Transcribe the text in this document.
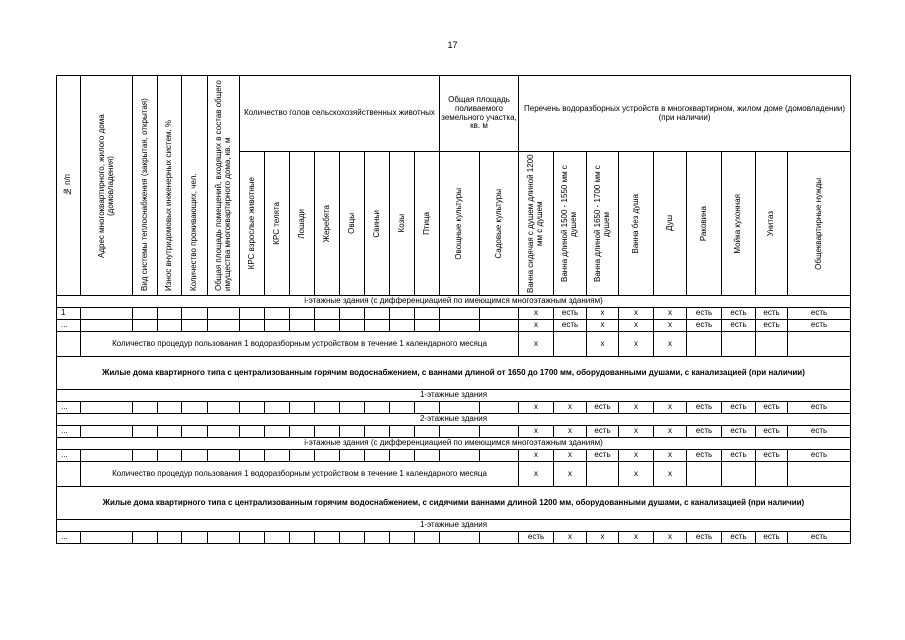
17
№ п/п	Адрес многоквартирного, жилого дома (домовладения)	Вид системы теплоснабжения (закрытая, открытая)	Износ внутридомовых инженерных систем, %	Количество проживающих, чел.	Общая площадь помещений, входящих в состав общего имущества многоквартирного дома, кв. м	Количество голов сельскохозяйственных животных								Общая площадь поливаемого земельного участка, кв. м		Перечень водоразборных устройств в многоквартирном, жилом доме (домовладении) (при наличии)								

						КРС взрослые животные	КРС телята	Лошади	Жеребята	Овцы	Свиньи	Козы	Птица	Овощные культуры	Садовые культуры	Ванна сидячая с душем длиной 1200 мм с душем	Ванна длиной 1500 - 1550 мм с душем	Ванна длиной 1650 - 1700 мм с душем	Ванна без душа	Душ	Раковина	Мойка кухонная	Унитаз	Общеквартирные нужды

i-этажные здания (с дифференциацией по имеющимся многоэтажным зданиям)																								
1																х	есть	х	х	х	есть	есть	есть	есть
...																х	есть	х	х	х	есть	есть	есть	есть
	Количество процедур пользования 1 водоразборным устройством в течение 1 календарного месяца															х		х	х	х				
Жилые дома квартирного типа с централизованным горячим водоснабжением, с ваннами длиной от 1650 до 1700 мм, оборудованными душами, с канализацией (при наличии)																								
1-этажные здания																								
...																х	х	есть	х	х	есть	есть	есть	есть
2-этажные здания																								
...																х	х	есть	х	х	есть	есть	есть	есть
i-этажные здания (с дифференциацией по имеющимся многоэтажным зданиям)																								
...																х	х	есть	х	х	есть	есть	есть	есть
	Количество процедур пользования 1 водоразборным устройством в течение 1 календарного месяца															х	х		х	х				
Жилые дома квартирного типа с централизованным горячим водоснабжением, с сидячими ваннами длиной 1200 мм, оборудованными душами, с канализацией (при наличии)																								
1-этажные здания																								
...																есть	х	х	х	х	есть	есть	есть	есть
